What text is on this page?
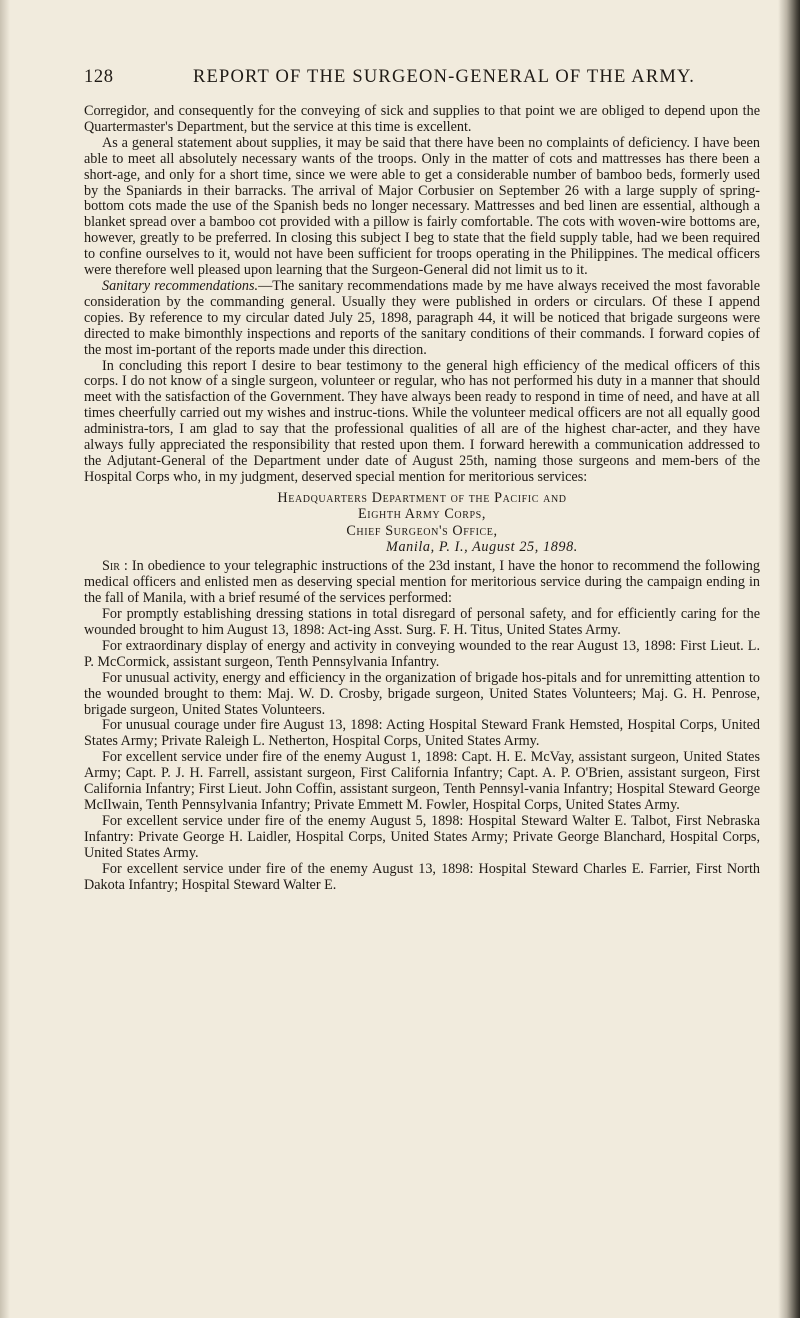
128	REPORT OF THE SURGEON-GENERAL OF THE ARMY.

Corregidor, and consequently for the conveying of sick and supplies to that point we are obliged to depend upon the Quartermaster's Department, but the service at this time is excellent.

As a general statement about supplies, it may be said that there have been no complaints of deficiency. I have been able to meet all absolutely necessary wants of the troops. Only in the matter of cots and mattresses has there been a short-age, and only for a short time, since we were able to get a considerable number of bamboo beds, formerly used by the Spaniards in their barracks. The arrival of Major Corbusier on September 26 with a large supply of spring-bottom cots made the use of the Spanish beds no longer necessary. Mattresses and bed linen are essential, although a blanket spread over a bamboo cot provided with a pillow is fairly comfortable. The cots with woven-wire bottoms are, however, greatly to be preferred. In closing this subject I beg to state that the field supply table, had we been required to confine ourselves to it, would not have been sufficient for troops operating in the Philippines. The medical officers were therefore well pleased upon learning that the Surgeon-General did not limit us to it.

Sanitary recommendations.—The sanitary recommendations made by me have always received the most favorable consideration by the commanding general. Usually they were published in orders or circulars. Of these I append copies. By reference to my circular dated July 25, 1898, paragraph 44, it will be noticed that brigade surgeons were directed to make bimonthly inspections and reports of the sanitary conditions of their commands. I forward copies of the most im-portant of the reports made under this direction.

In concluding this report I desire to bear testimony to the general high efficiency of the medical officers of this corps. I do not know of a single surgeon, volunteer or regular, who has not performed his duty in a manner that should meet with the satisfaction of the Government. They have always been ready to respond in time of need, and have at all times cheerfully carried out my wishes and instruc-tions. While the volunteer medical officers are not all equally good administra-tors, I am glad to say that the professional qualities of all are of the highest char-acter, and they have always fully appreciated the responsibility that rested upon them. I forward herewith a communication addressed to the Adjutant-General of the Department under date of August 25th, naming those surgeons and mem-bers of the Hospital Corps who, in my judgment, deserved special mention for meritorious services:

Headquarters Department of the Pacific and
Eighth Army Corps,
Chief Surgeon's Office,
Manila, P. I., August 25, 1898.

Sir : In obedience to your telegraphic instructions of the 23d instant, I have the honor to recommend the following medical officers and enlisted men as deserving special mention for meritorious service during the campaign ending in the fall of Manila, with a brief resumé of the services performed:

For promptly establishing dressing stations in total disregard of personal safety, and for efficiently caring for the wounded brought to him August 13, 1898: Act-ing Asst. Surg. F. H. Titus, United States Army.

For extraordinary display of energy and activity in conveying wounded to the rear August 13, 1898: First Lieut. L. P. McCormick, assistant surgeon, Tenth Pennsylvania Infantry.

For unusual activity, energy and efficiency in the organization of brigade hos-pitals and for unremitting attention to the wounded brought to them: Maj. W. D. Crosby, brigade surgeon, United States Volunteers; Maj. G. H. Penrose, brigade surgeon, United States Volunteers.

For unusual courage under fire August 13, 1898: Acting Hospital Steward Frank Hemsted, Hospital Corps, United States Army; Private Raleigh L. Netherton, Hospital Corps, United States Army.

For excellent service under fire of the enemy August 1, 1898: Capt. H. E. McVay, assistant surgeon, United States Army; Capt. P. J. H. Farrell, assistant surgeon, First California Infantry; Capt. A. P. O'Brien, assistant surgeon, First California Infantry; First Lieut. John Coffin, assistant surgeon, Tenth Pennsyl-vania Infantry; Hospital Steward George McIlwain, Tenth Pennsylvania Infantry; Private Emmett M. Fowler, Hospital Corps, United States Army.

For excellent service under fire of the enemy August 5, 1898: Hospital Steward Walter E. Talbot, First Nebraska Infantry: Private George H. Laidler, Hospital Corps, United States Army; Private George Blanchard, Hospital Corps, United States Army.

For excellent service under fire of the enemy August 13, 1898: Hospital Steward Charles E. Farrier, First North Dakota Infantry; Hospital Steward Walter E.
